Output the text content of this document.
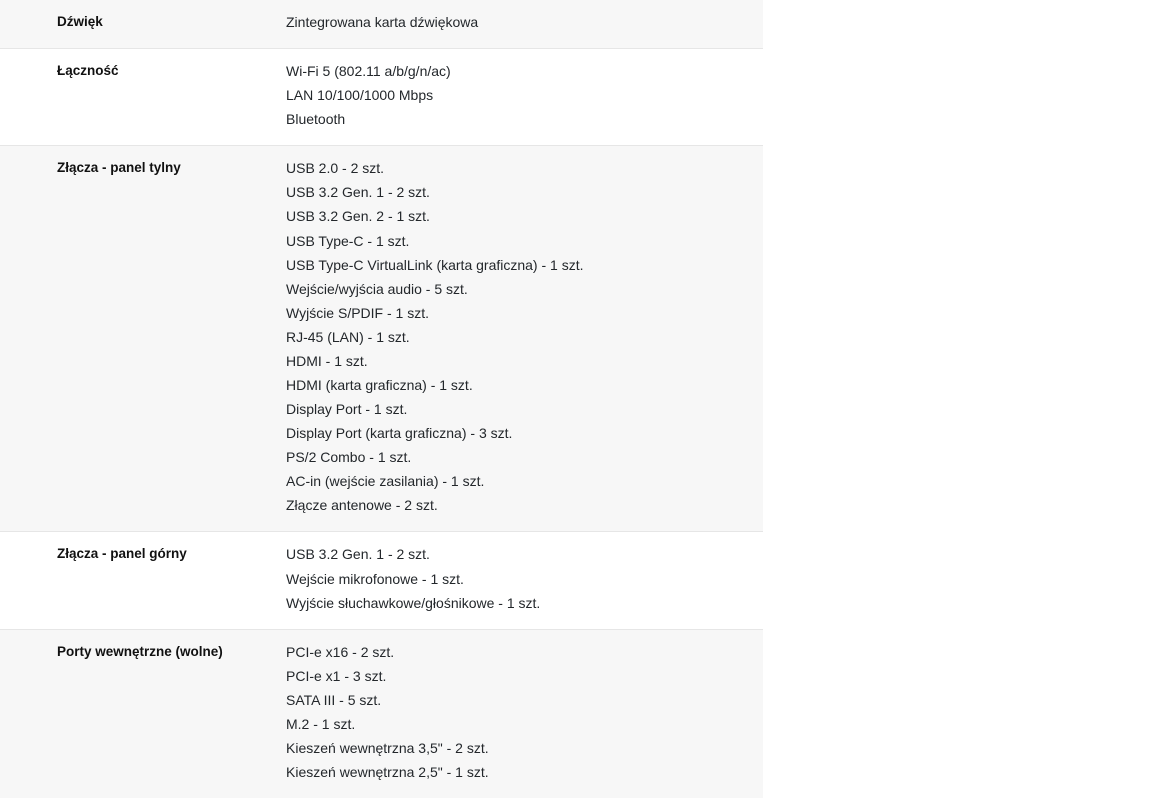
Dźwięk	Zintegrowana karta dźwiękowa

Łączność	Wi-Fi 5 (802.11 a/b/g/n/ac)
LAN 10/100/1000 Mbps
Bluetooth

Złącza - panel tylny	USB 2.0 - 2 szt.
USB 3.2 Gen. 1 - 2 szt.
USB 3.2 Gen. 2 - 1 szt.
USB Type-C - 1 szt.
USB Type-C VirtualLink (karta graficzna) - 1 szt.
Wejście/wyjścia audio - 5 szt.
Wyjście S/PDIF - 1 szt.
RJ-45 (LAN) - 1 szt.
HDMI - 1 szt.
HDMI (karta graficzna) - 1 szt.
Display Port - 1 szt.
Display Port (karta graficzna) - 3 szt.
PS/2 Combo - 1 szt.
AC-in (wejście zasilania) - 1 szt.
Złącze antenowe - 2 szt.

Złącza - panel górny	USB 3.2 Gen. 1 - 2 szt.
Wejście mikrofonowe - 1 szt.
Wyjście słuchawkowe/głośnikowe - 1 szt.

Porty wewnętrzne (wolne)	PCI-e x16 - 2 szt.
PCI-e x1 - 3 szt.
SATA III - 5 szt.
M.2 - 1 szt.
Kieszeń wewnętrzna 3,5" - 2 szt.
Kieszeń wewnętrzna 2,5" - 1 szt.
